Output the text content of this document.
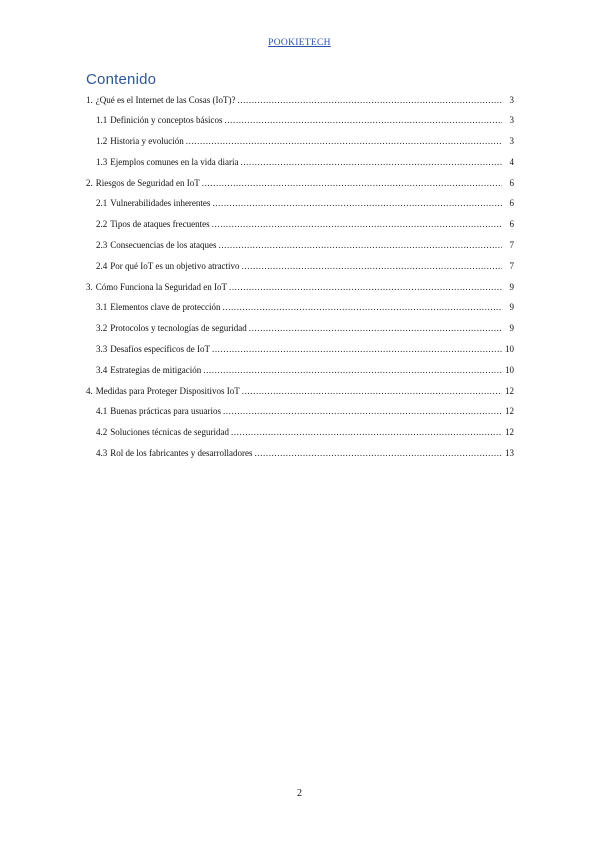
POOKIETECH
Contenido
1. ¿Qué es el Internet de las Cosas (IoT)? .....	3
1.1 Definición y conceptos básicos .....	3
1.2 Historia y evolución .....	3
1.3 Ejemplos comunes en la vida diaria .....	4
2. Riesgos de Seguridad en IoT .....	6
2.1 Vulnerabilidades inherentes .....	6
2.2 Tipos de ataques frecuentes .....	6
2.3 Consecuencias de los ataques .....	7
2.4 Por qué IoT es un objetivo atractivo .....	7
3. Cómo Funciona la Seguridad en IoT .....	9
3.1 Elementos clave de protección .....	9
3.2 Protocolos y tecnologías de seguridad .....	9
3.3 Desafíos específicos de IoT .....	10
3.4 Estrategias de mitigación .....	10
4. Medidas para Proteger Dispositivos IoT .....	12
4.1 Buenas prácticas para usuarios .....	12
4.2 Soluciones técnicas de seguridad .....	12
4.3 Rol de los fabricantes y desarrolladores .....	13
2
